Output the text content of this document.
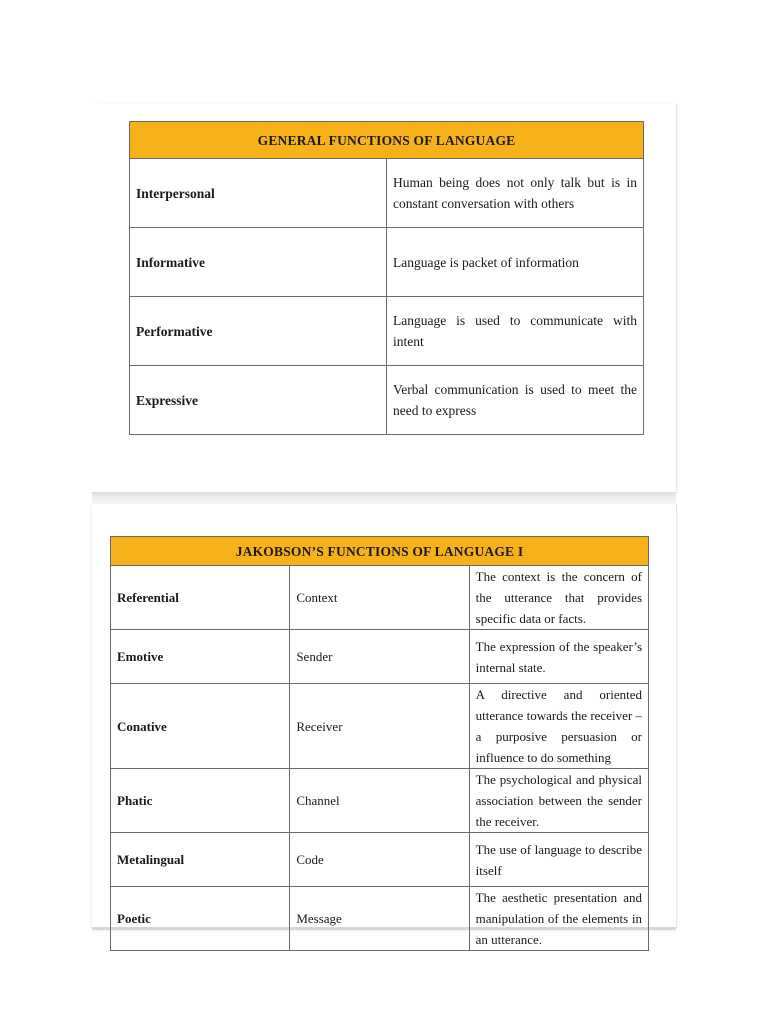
GENERAL FUNCTIONS OF LANGUAGE	
Interpersonal	Human being does not only talk but is in constant conversation with others
Informative	Language is packet of information
Performative	Language is used to communicate with intent
Expressive	Verbal communication is used to meet the need to express
JAKOBSON’S FUNCTIONS OF LANGUAGE I		
Referential	Context	The context is the concern of the utterance that provides specific data or facts.
Emotive	Sender	The expression of the speaker’s internal state.
Conative	Receiver	A directive and oriented utterance towards the receiver – a purposive persuasion or influence to do something
Phatic	Channel	The psychological and physical association between the sender the receiver.
Metalingual	Code	The use of language to describe itself
Poetic	Message	The aesthetic presentation and manipulation of the elements in an utterance.
